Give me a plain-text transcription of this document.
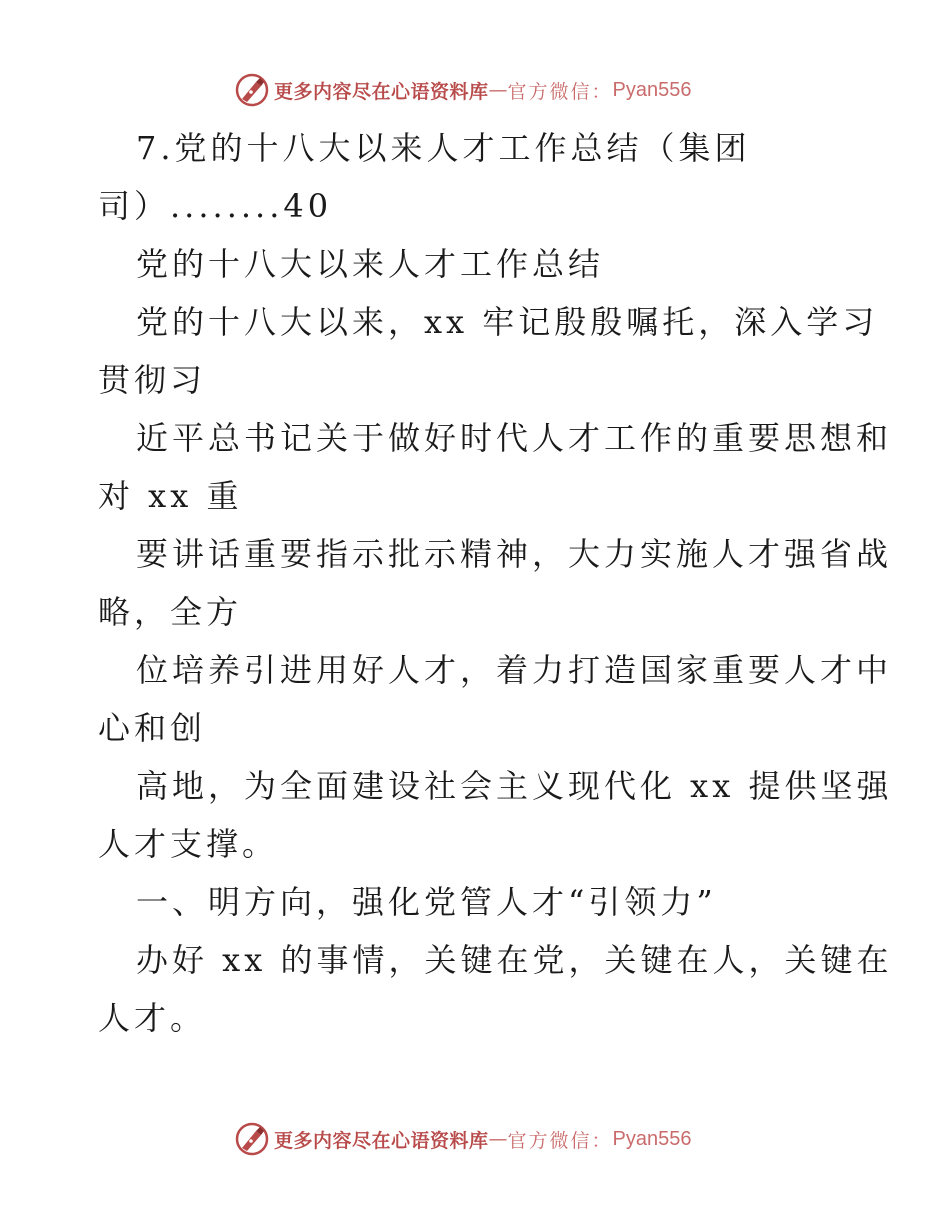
更多内容尽在心语资料库 — 官方微信： Pyan556
7.党的十八大以来人才工作总结（集团
司）........40
党的十八大以来人才工作总结
党的十八大以来，xx 牢记殷殷嘱托，深入学习
贯彻习
近平总书记关于做好时代人才工作的重要思想和
对 xx 重
要讲话重要指示批示精神，大力实施人才强省战
略，全方
位培养引进用好人才，着力打造国家重要人才中
心和创
高地，为全面建设社会主义现代化 xx 提供坚强
人才支撑。
一、明方向，强化党管人才“引领力”
办好 xx 的事情，关键在党，关键在人，关键在
人才。
更多内容尽在心语资料库 — 官方微信： Pyan556
